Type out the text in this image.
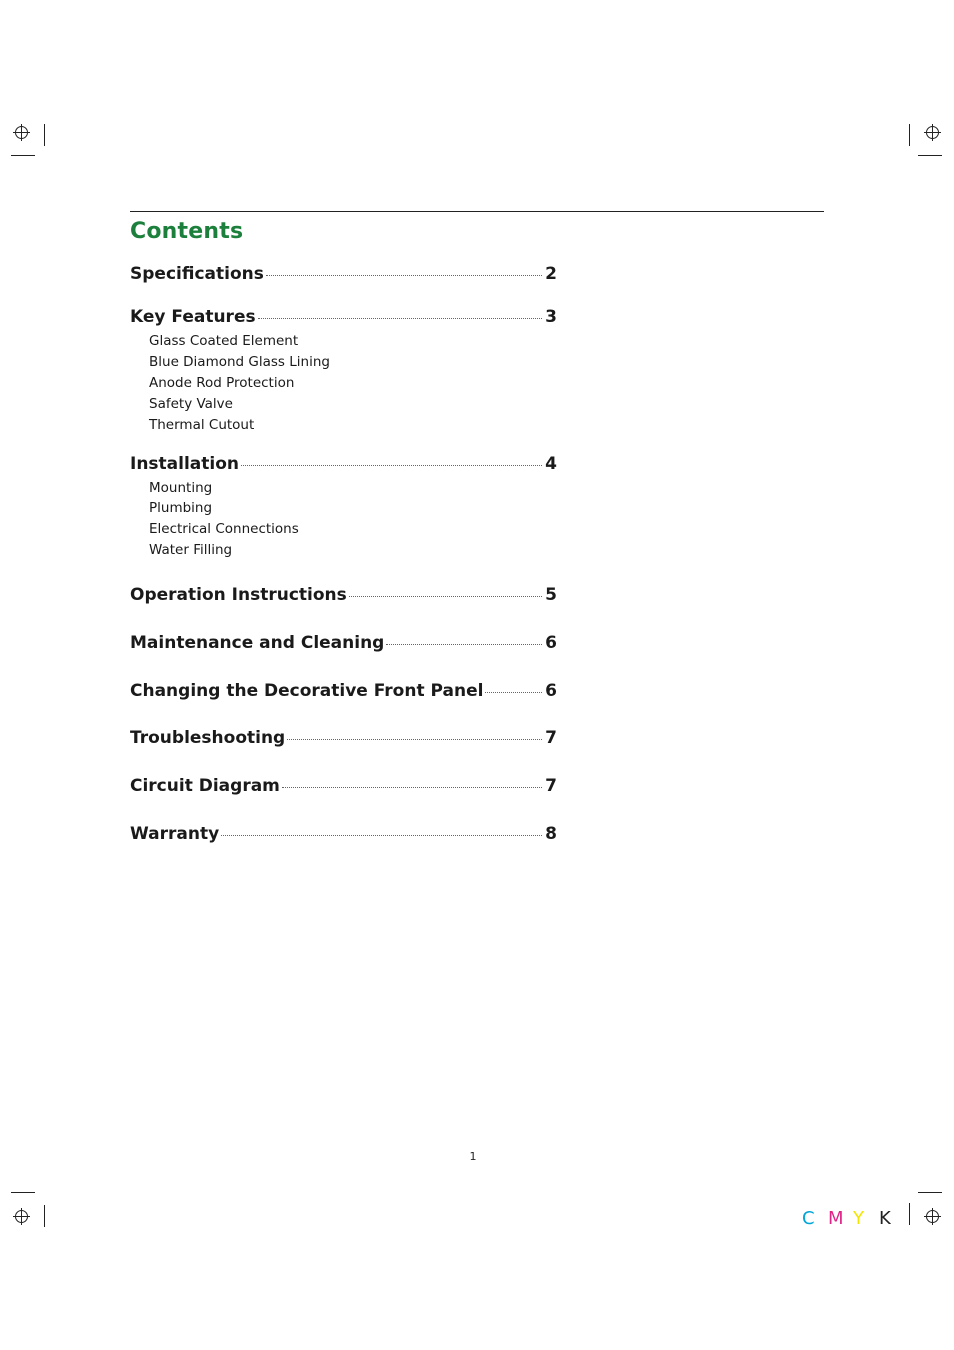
Contents
Specifications	2
Key Features	3
Glass Coated Element
Blue Diamond Glass Lining
Anode Rod Protection
Safety Valve
Thermal Cutout
Installation	4
Mounting
Plumbing
Electrical Connections
Water Filling
Operation Instructions	5
Maintenance and Cleaning	6
Changing the Decorative Front Panel	6
Troubleshooting	7
Circuit Diagram	7
Warranty	8
1
C M Y K
